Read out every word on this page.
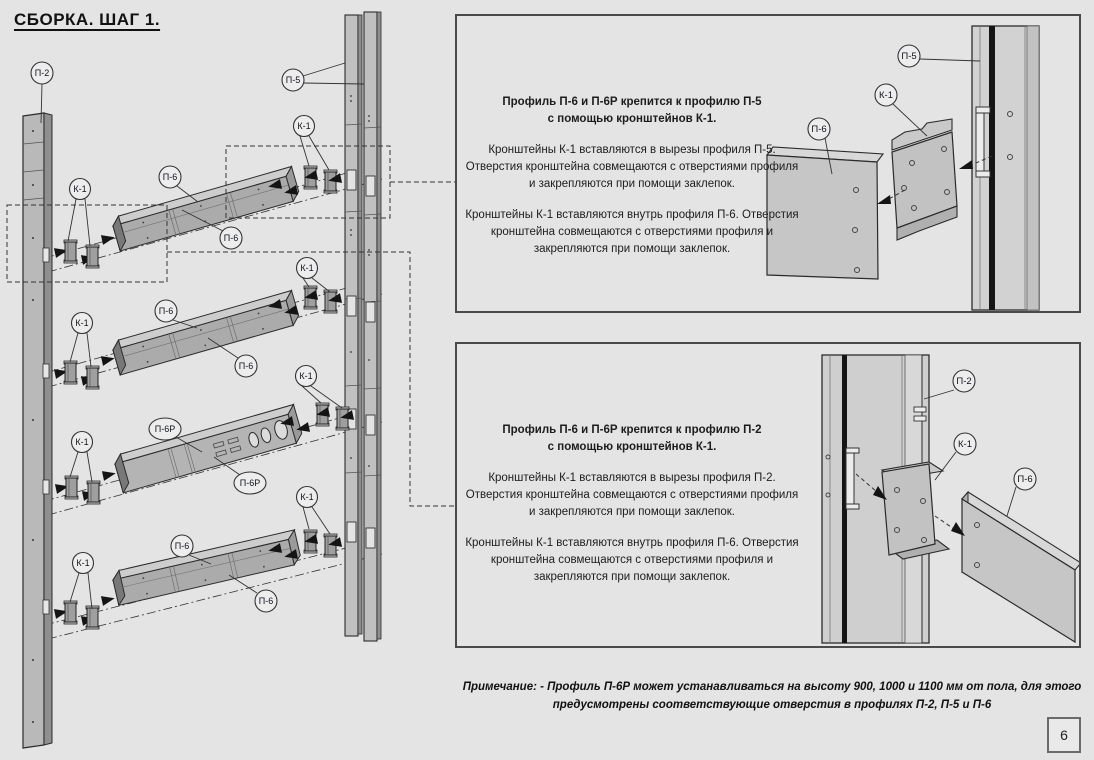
СБОРКА. ШАГ 1.
П-2
П-5
К-1
К-1
К-1
К-1
К-1
К-1
К-1
К-1
П-6
П-6
П-6
П-6
П-6Р
П-6Р
П-6
П-6
П-5
К-1
П-6
Профиль П-6 и П-6Р крепится к профилю П-5
с помощью кронштейнов К-1.
Кронштейны К-1 вставляются в вырезы профиля П-5. Отверстия кронштейна совмещаются с отверстиями профиля и закрепляются при помощи заклепок.
Кронштейны К-1 вставляются внутрь профиля П-6. Отверстия кронштейна совмещаются с отверстиями профиля и закрепляются при помощи заклепок.
П-2
К-1
П-6
Профиль П-6 и П-6Р крепится к профилю П-2
с помощью кронштейнов К-1.
Кронштейны К-1 вставляются в вырезы профиля П-2. Отверстия кронштейна совмещаются с отверстиями профиля и закрепляются при помощи заклепок.
Кронштейны К-1 вставляются внутрь профиля П-6. Отверстия кронштейна совмещаются с отверстиями профиля и закрепляются при помощи заклепок.
Примечание: - Профиль П-6Р может устанавливаться на высоту 900, 1000 и 1100 мм от пола, для этого предусмотрены соответствующие отверстия в профилях П-2, П-5 и П-6
6
